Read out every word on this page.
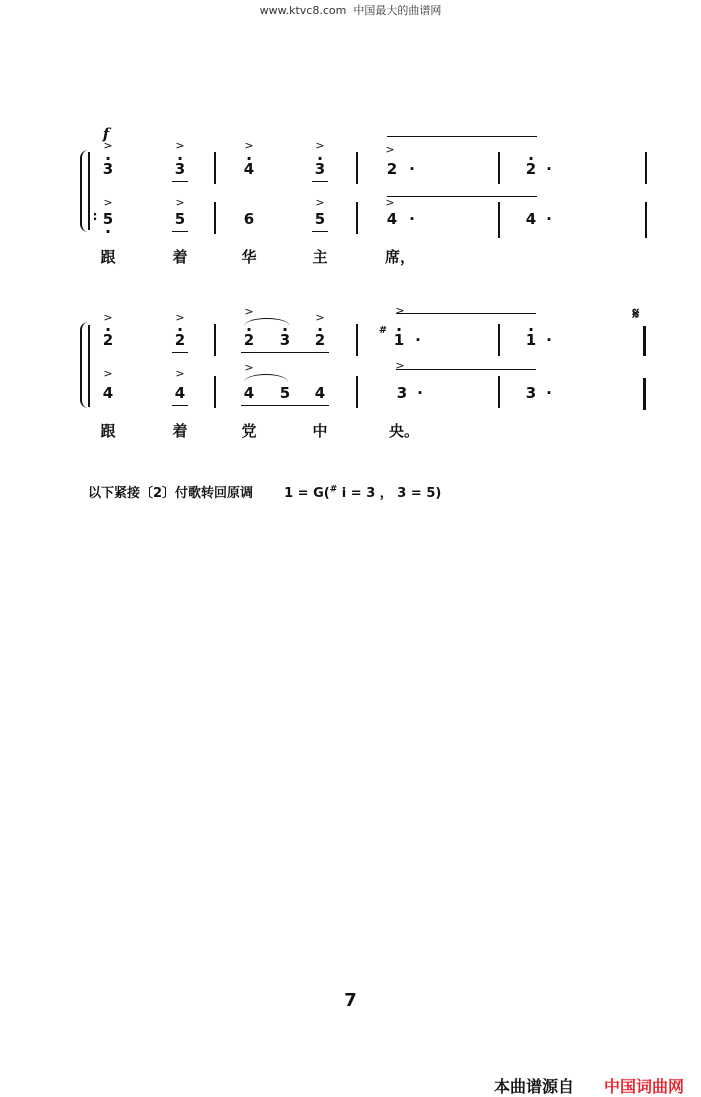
www.ktvc8.com 中国最大的曲谱网
f
>
· 3
>
· 3
>
· 4
>
· 3
>
2 ·	· 2 ·
:
>
5 ·
>
5	6
>
5
>
4 ·	4 ·
跟	着	华	主	席，
>
· 2
>
· 2
>
· 2 · 3
>
· 2
#
>
· 1 ·	· 1 ·
𝄋
>
4
>
4
>
4 5 4
>
3 ·	3 ·
跟	着	党	中	央。
以下紧接〔2〕付歌转回原调 1 = G(# i = 3 ， 3 = 5)
7
本曲谱源自 中国词曲网
